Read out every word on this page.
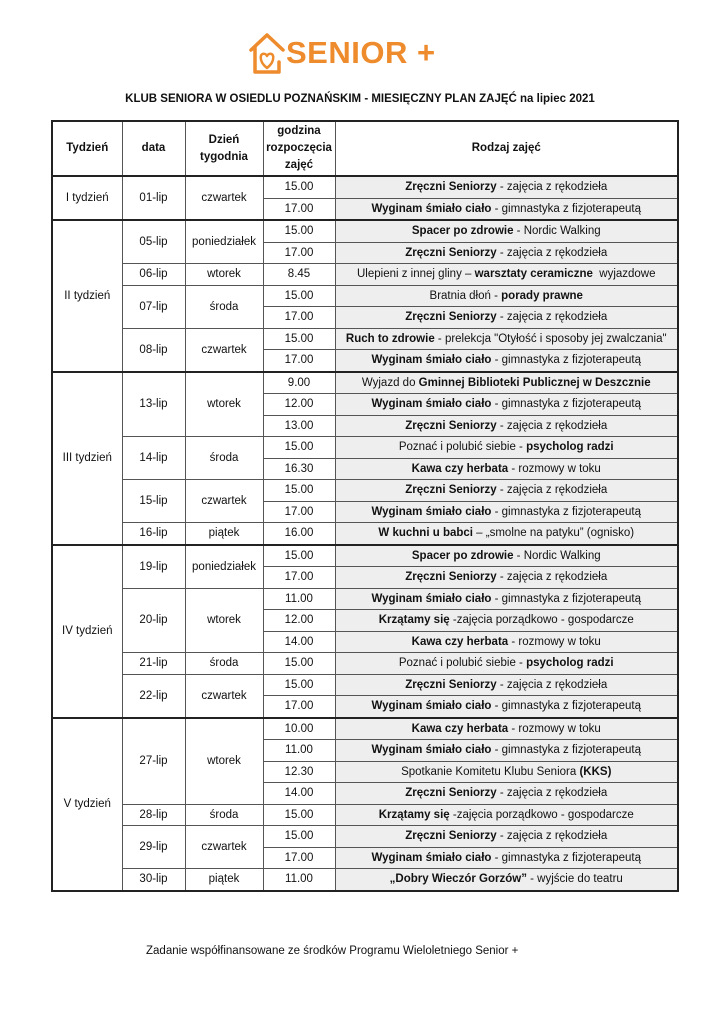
SENIOR +
KLUB SENIORA W OSIEDLU POZNAŃSKIM - MIESIĘCZNY PLAN ZAJĘĆ na lipiec 2021
Tydzień	data	Dzień tygodnia	godzina rozpoczęcia zajęć	Rodzaj zajęć
I tydzień	01-lip	czwartek	15.00	Zręczni Seniorzy - zajęcia z rękodzieła
			17.00	Wyginam śmiało ciało - gimnastyka z fizjoterapeutą
II tydzień	05-lip	poniedziałek	15.00	Spacer po zdrowie - Nordic Walking
			17.00	Zręczni Seniorzy - zajęcia z rękodzieła
	06-lip	wtorek	8.45	Ulepieni z innej gliny – warsztaty ceramiczne  wyjazdowe
	07-lip	środa	15.00	Bratnia dłoń - porady prawne
			17.00	Zręczni Seniorzy - zajęcia z rękodzieła
	08-lip	czwartek	15.00	Ruch to zdrowie - prelekcja "Otyłość i sposoby jej zwalczania"
			17.00	Wyginam śmiało ciało - gimnastyka z fizjoterapeutą
III tydzień	13-lip	wtorek	9.00	Wyjazd do Gminnej Biblioteki Publicznej w Deszcznie
			12.00	Wyginam śmiało ciało - gimnastyka z fizjoterapeutą
			13.00	Zręczni Seniorzy - zajęcia z rękodzieła
	14-lip	środa	15.00	Poznać i polubić siebie - psycholog radzi
			16.30	Kawa czy herbata - rozmowy w toku
	15-lip	czwartek	15.00	Zręczni Seniorzy - zajęcia z rękodzieła
			17.00	Wyginam śmiało ciało - gimnastyka z fizjoterapeutą
	16-lip	piątek	16.00	W kuchni u babci – „smolne na patyku” (ognisko)
IV tydzień	19-lip	poniedziałek	15.00	Spacer po zdrowie - Nordic Walking
			17.00	Zręczni Seniorzy - zajęcia z rękodzieła
	20-lip	wtorek	11.00	Wyginam śmiało ciało - gimnastyka z fizjoterapeutą
			12.00	Krzątamy się -zajęcia porządkowo - gospodarcze
			14.00	Kawa czy herbata - rozmowy w toku
	21-lip	środa	15.00	Poznać i polubić siebie - psycholog radzi
	22-lip	czwartek	15.00	Zręczni Seniorzy - zajęcia z rękodzieła
			17.00	Wyginam śmiało ciało - gimnastyka z fizjoterapeutą
V tydzień	27-lip	wtorek	10.00	Kawa czy herbata - rozmowy w toku
			11.00	Wyginam śmiało ciało - gimnastyka z fizjoterapeutą
			12.30	Spotkanie Komitetu Klubu Seniora (KKS)
			14.00	Zręczni Seniorzy - zajęcia z rękodzieła
	28-lip	środa	15.00	Krzątamy się -zajęcia porządkowo - gospodarcze
	29-lip	czwartek	15.00	Zręczni Seniorzy - zajęcia z rękodzieła
			17.00	Wyginam śmiało ciało - gimnastyka z fizjoterapeutą
	30-lip	piątek	11.00	„Dobry Wieczór Gorzów” - wyjście do teatru
Zadanie współfinansowane ze środków Programu Wieloletniego Senior +
